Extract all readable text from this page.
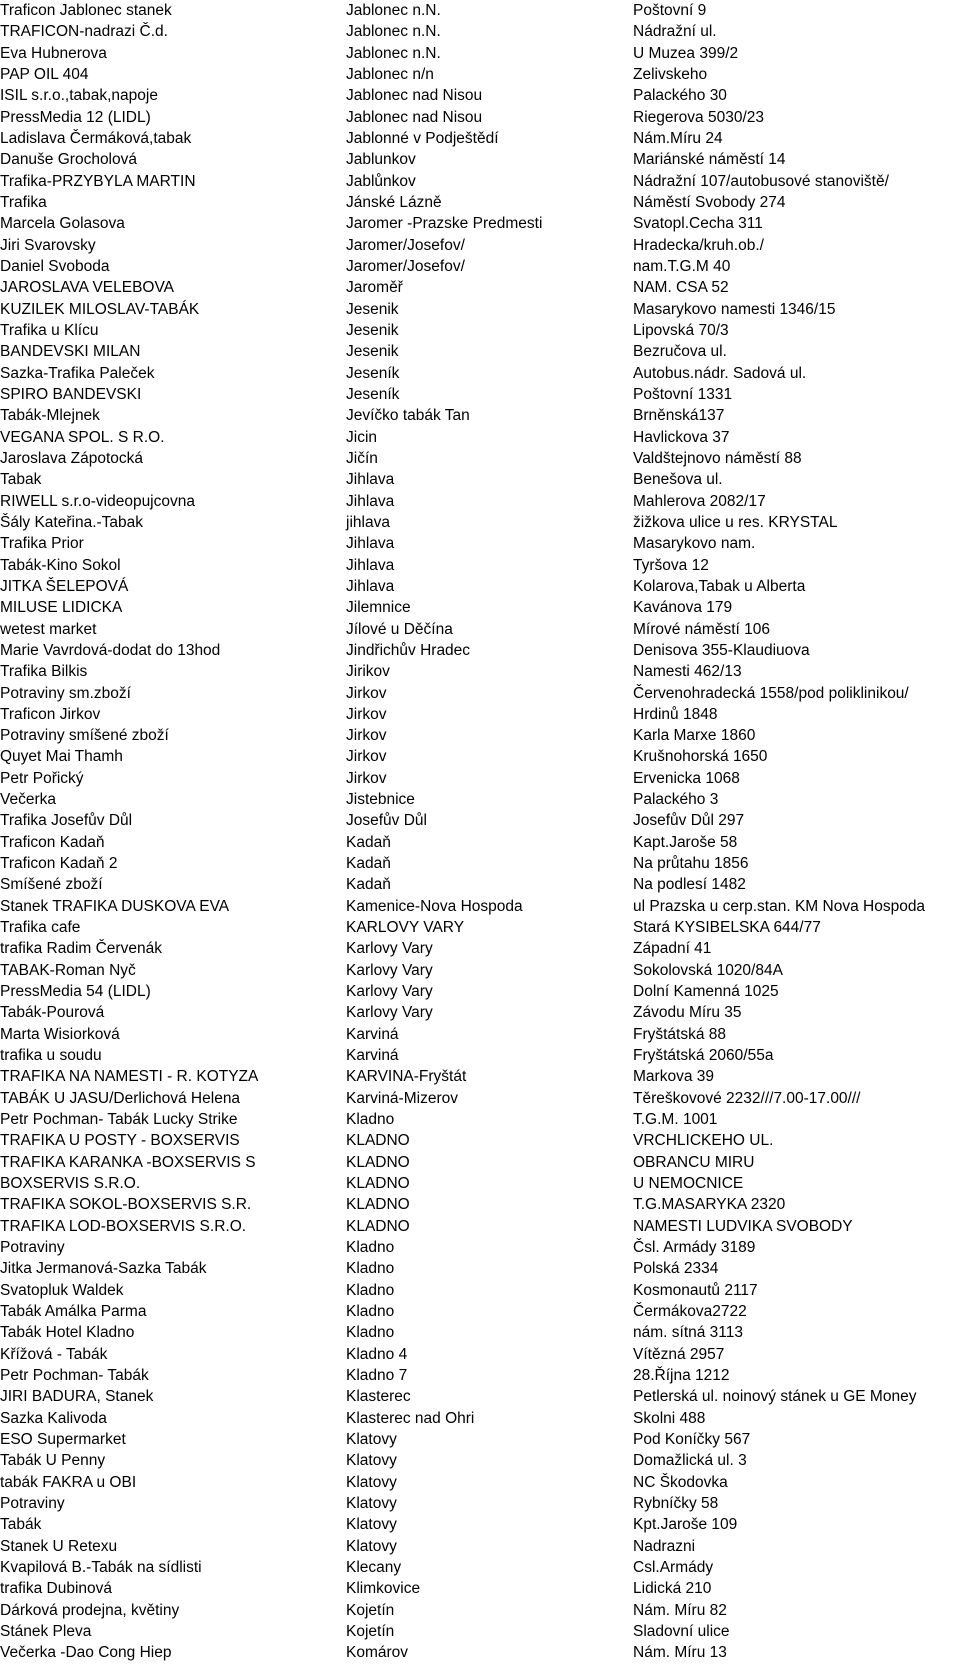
Traficon Jablonec stanek	Jablonec n.N.	Poštovní 9
TRAFICON-nadrazi Č.d.	Jablonec n.N.	Nádražní ul.
Eva Hubnerova	Jablonec n.N.	U Muzea 399/2
PAP OIL 404	Jablonec n/n	Zelivskeho
ISIL s.r.o.,tabak,napoje	Jablonec nad Nisou	Palackého 30
PressMedia 12 (LIDL)	Jablonec nad Nisou	Riegerova 5030/23
Ladislava Čermáková,tabak	Jablonné v Podještědí	Nám.Míru 24
Danuše Grocholová	Jablunkov	Mariánské náměstí 14
Trafika-PRZYBYLA MARTIN	Jablůnkov	Nádražní 107/autobusové stanoviště/
Trafika	Jánské Lázně	Náměstí Svobody 274
Marcela Golasova	Jaromer -Prazske Predmesti	Svatopl.Cecha 311
Jiri Svarovsky	Jaromer/Josefov/	Hradecka/kruh.ob./
Daniel Svoboda	Jaromer/Josefov/	nam.T.G.M 40
JAROSLAVA VELEBOVA	Jaroměř	NAM. CSA 52
KUZILEK MILOSLAV-TABÁK	Jesenik	Masarykovo namesti 1346/15
Trafika u Klícu	Jesenik	Lipovská 70/3
BANDEVSKI MILAN	Jesenik	Bezručova ul.
Sazka-Trafika Paleček	Jeseník	Autobus.nádr. Sadová ul.
SPIRO BANDEVSKI	Jeseník	Poštovní 1331
Tabák-Mlejnek	Jevíčko tabák Tan	Brněnská137
VEGANA SPOL. S R.O.	Jicin	Havlickova 37
Jaroslava Zápotocká	Jičín	Valdštejnovo náměstí 88
Tabak	Jihlava	Benešova ul.
RIWELL s.r.o-videopujcovna	Jihlava	Mahlerova 2082/17
Šály Kateřina.-Tabak	jihlava	žižkova ulice u res. KRYSTAL
Trafika Prior	Jihlava	Masarykovo nam.
Tabák-Kino Sokol	Jihlava	Tyršova 12
JITKA ŠELEPOVÁ	Jihlava	Kolarova,Tabak u Alberta
MILUSE LIDICKA	Jilemnice	Kavánova 179
wetest market	Jílové u Děčína	Mírové náměstí 106
Marie Vavrdová-dodat do 13hod	Jindřichův Hradec	Denisova 355-Klaudiuova
Trafika Bilkis	Jirikov	Namesti 462/13
Potraviny sm.zboží	Jirkov	Červenohradecká 1558/pod poliklinikou/
Traficon Jirkov	Jirkov	Hrdinů 1848
Potraviny smíšené zboží	Jirkov	Karla Marxe 1860
Quyet Mai Thamh	Jirkov	Krušnohorská 1650
Petr Pořický	Jirkov	Ervenicka 1068
Večerka	Jistebnice	Palackého 3
Trafika Josefův Důl	Josefův Důl	Josefův Důl 297
Traficon Kadaň	Kadaň	Kapt.Jaroše 58
Traficon Kadaň 2	Kadaň	Na průtahu 1856
Smíšené zboží	Kadaň	Na podlesí 1482
Stanek TRAFIKA DUSKOVA EVA	Kamenice-Nova Hospoda	ul Prazska u cerp.stan. KM Nova Hospoda
Trafika cafe	KARLOVY VARY	Stará KYSIBELSKA 644/77
trafika Radim Červenák	Karlovy Vary	Západní 41
TABAK-Roman Nyč	Karlovy Vary	Sokolovská 1020/84A
PressMedia 54 (LIDL)	Karlovy Vary	Dolní Kamenná 1025
Tabák-Pourová	Karlovy Vary	Závodu Míru 35
Marta Wisiorková	Karviná	Fryštátská 88
trafika u soudu	Karviná	Fryštátská 2060/55a
TRAFIKA NA NAMESTI - R. KOTYZA	KARVINA-Fryštát	Markova 39
TABÁK U JASU/Derlichová Helena	Karviná-Mizerov	Těreškovové 2232///7.00-17.00///
Petr Pochman- Tabák Lucky Strike	Kladno	T.G.M. 1001
TRAFIKA U POSTY - BOXSERVIS	KLADNO	VRCHLICKEHO UL.
TRAFIKA KARANKA -BOXSERVIS S	KLADNO	OBRANCU MIRU
BOXSERVIS S.R.O.	KLADNO	U NEMOCNICE
TRAFIKA SOKOL-BOXSERVIS S.R.	KLADNO	T.G.MASARYKA 2320
TRAFIKA LOD-BOXSERVIS S.R.O.	KLADNO	NAMESTI LUDVIKA SVOBODY
Potraviny	Kladno	Čsl. Armády 3189
Jitka Jermanová-Sazka Tabák	Kladno	Polská 2334
Svatopluk Waldek	Kladno	Kosmonautů 2117
Tabák Amálka Parma	Kladno	Čermákova2722
Tabák Hotel Kladno	Kladno	nám. sítná 3113
Křížová - Tabák	Kladno 4	Vítězná 2957
Petr Pochman- Tabák	Kladno 7	28.Října 1212
JIRI BADURA, Stanek	Klasterec	Petlerská ul. noinový stánek u GE Money
Sazka Kalivoda	Klasterec nad Ohri	Skolni 488
ESO Supermarket	Klatovy	Pod Koníčky 567
Tabák U Penny	Klatovy	Domažlická ul. 3
tabák FAKRA u OBI	Klatovy	NC Škodovka
Potraviny	Klatovy	Rybníčky 58
Tabák	Klatovy	Kpt.Jaroše 109
Stanek U Retexu	Klatovy	Nadrazni
Kvapilová B.-Tabák na sídlisti	Klecany	Csl.Armády
trafika Dubinová	Klimkovice	Lidická 210
Dárková prodejna, květiny	Kojetín	Nám. Míru 82
Stánek Pleva	Kojetín	Sladovní ulice
Večerka -Dao Cong Hiep	Komárov	Nám. Míru 13
